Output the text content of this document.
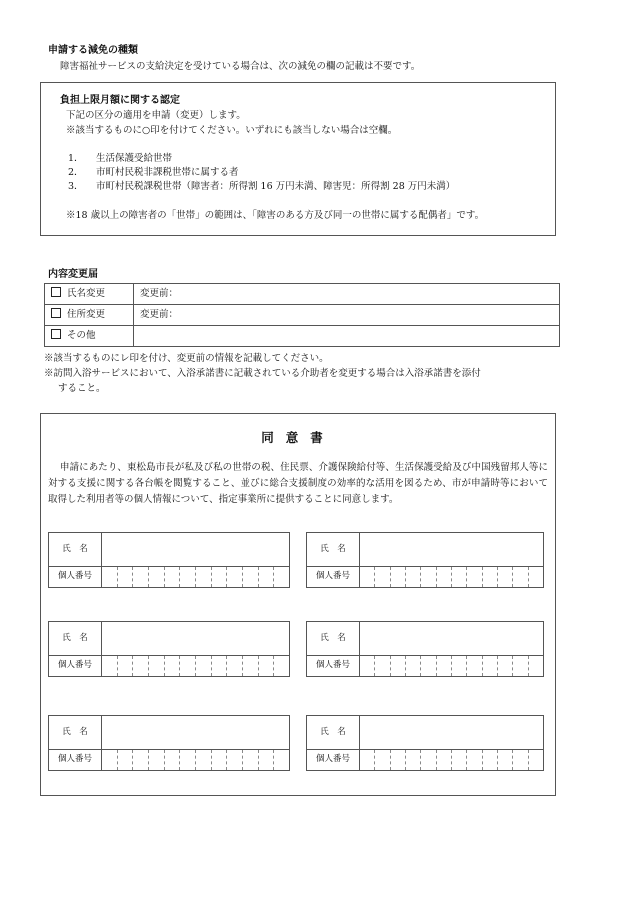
申請する減免の種類
障害福祉サービスの支給決定を受けている場合は、次の減免の欄の記載は不要です。
負担上限月額に関する認定
下記の区分の適用を申請（変更）します。
※該当するものに○印を付けてください。いずれにも該当しない場合は空欄。
1．	生活保護受給世帯
2．	市町村民税非課税世帯に属する者
3．	市町村民税課税世帯（障害者：所得割 16 万円未満、障害児：所得割 28 万円未満）
※18 歳以上の障害者の「世帯」の範囲は、「障害のある方及び同一の世帯に属する配偶者」です。
内容変更届
氏名変更	変更前：
住所変更	変更前：
その他	
※該当するものにレ印を付け、変更前の情報を記載してください。
※訪問入浴サービスにおいて、入浴承諾書に記載されている介助者を変更する場合は入浴承諾書を添付
すること。
同意書
申請にあたり、東松島市長が私及び私の世帯の税、住民票、介護保険給付等、生活保護受給及び中国残留邦人等に対する支援に関する各台帳を閲覧すること、並びに総合支援制度の効率的な活用を図るため、市が申請時等において取得した利用者等の個人情報について、指定事業所に提供することに同意します。
氏　名	
個人番号	
氏　名	
個人番号	
氏　名	
個人番号	
氏　名	
個人番号	
氏　名	
個人番号	
氏　名	
個人番号	
